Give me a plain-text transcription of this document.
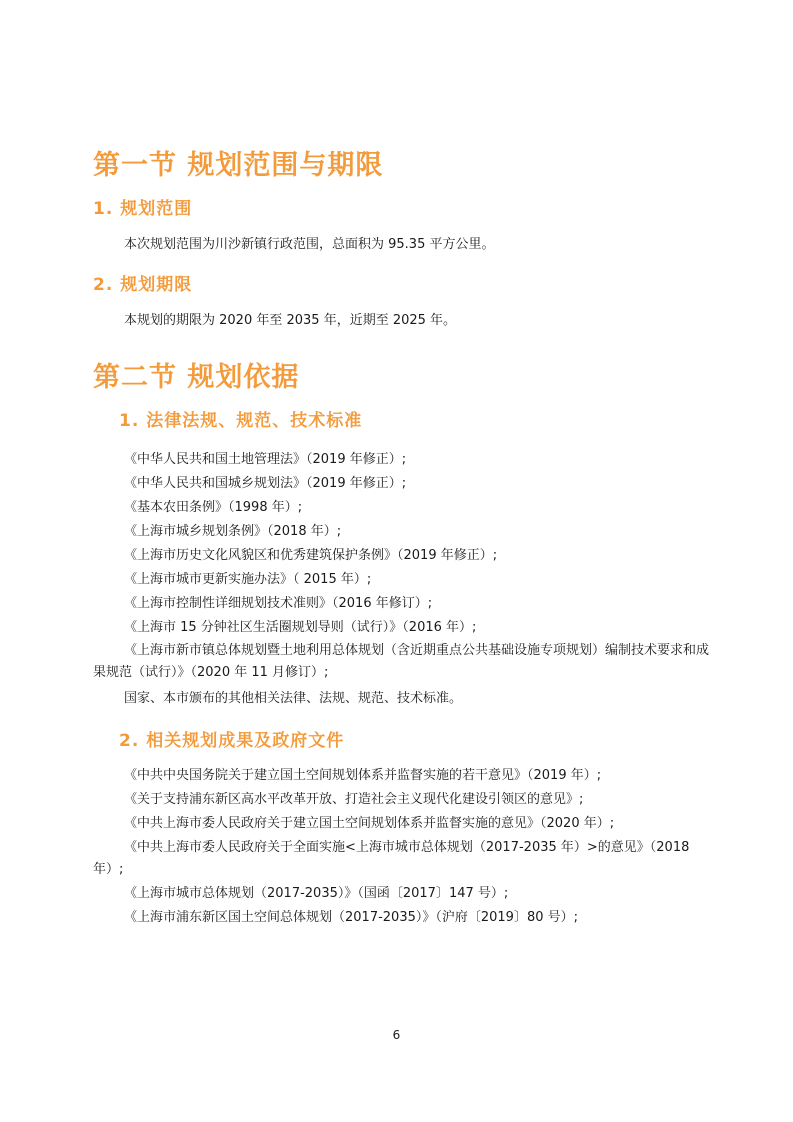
第一节 规划范围与期限
1. 规划范围

本次规划范围为川沙新镇行政范围，总面积为 95.35 平方公里。

2. 规划期限

本规划的期限为 2020 年至 2035 年，近期至 2025 年。

第二节 规划依据
1. 法律法规、规范、技术标准
《中华人民共和国土地管理法》（2019 年修正）;
《中华人民共和国城乡规划法》（2019 年修正）;
《基本农田条例》（1998 年）;
《上海市城乡规划条例》（2018 年）;
《上海市历史文化风貌区和优秀建筑保护条例》（2019 年修正）;
《上海市城市更新实施办法》（ 2015 年）;
《上海市控制性详细规划技术准则》（2016 年修订）;
《上海市 15 分钟社区生活圈规划导则（试行）》（2016 年）;

《上海市新市镇总体规划暨土地利用总体规划（含近期重点公共基础设施专项规划）编制技术要求和成果规范（试行）》（2020 年 11 月修订）;

国家、本市颁布的其他相关法律、法规、规范、技术标准。

2. 相关规划成果及政府文件
《中共中央国务院关于建立国土空间规划体系并监督实施的若干意见》（2019 年）;
《关于支持浦东新区高水平改革开放、打造社会主义现代化建设引领区的意见》;
《中共上海市委人民政府关于建立国土空间规划体系并监督实施的意见》（2020 年）;

《中共上海市委人民政府关于全面实施<上海市城市总体规划（2017-2035 年）>的意见》（2018 年）;

《上海市城市总体规划（2017-2035）》（国函〔2017〕147 号）;
《上海市浦东新区国土空间总体规划（2017-2035）》（沪府〔2019〕80 号）;
6
